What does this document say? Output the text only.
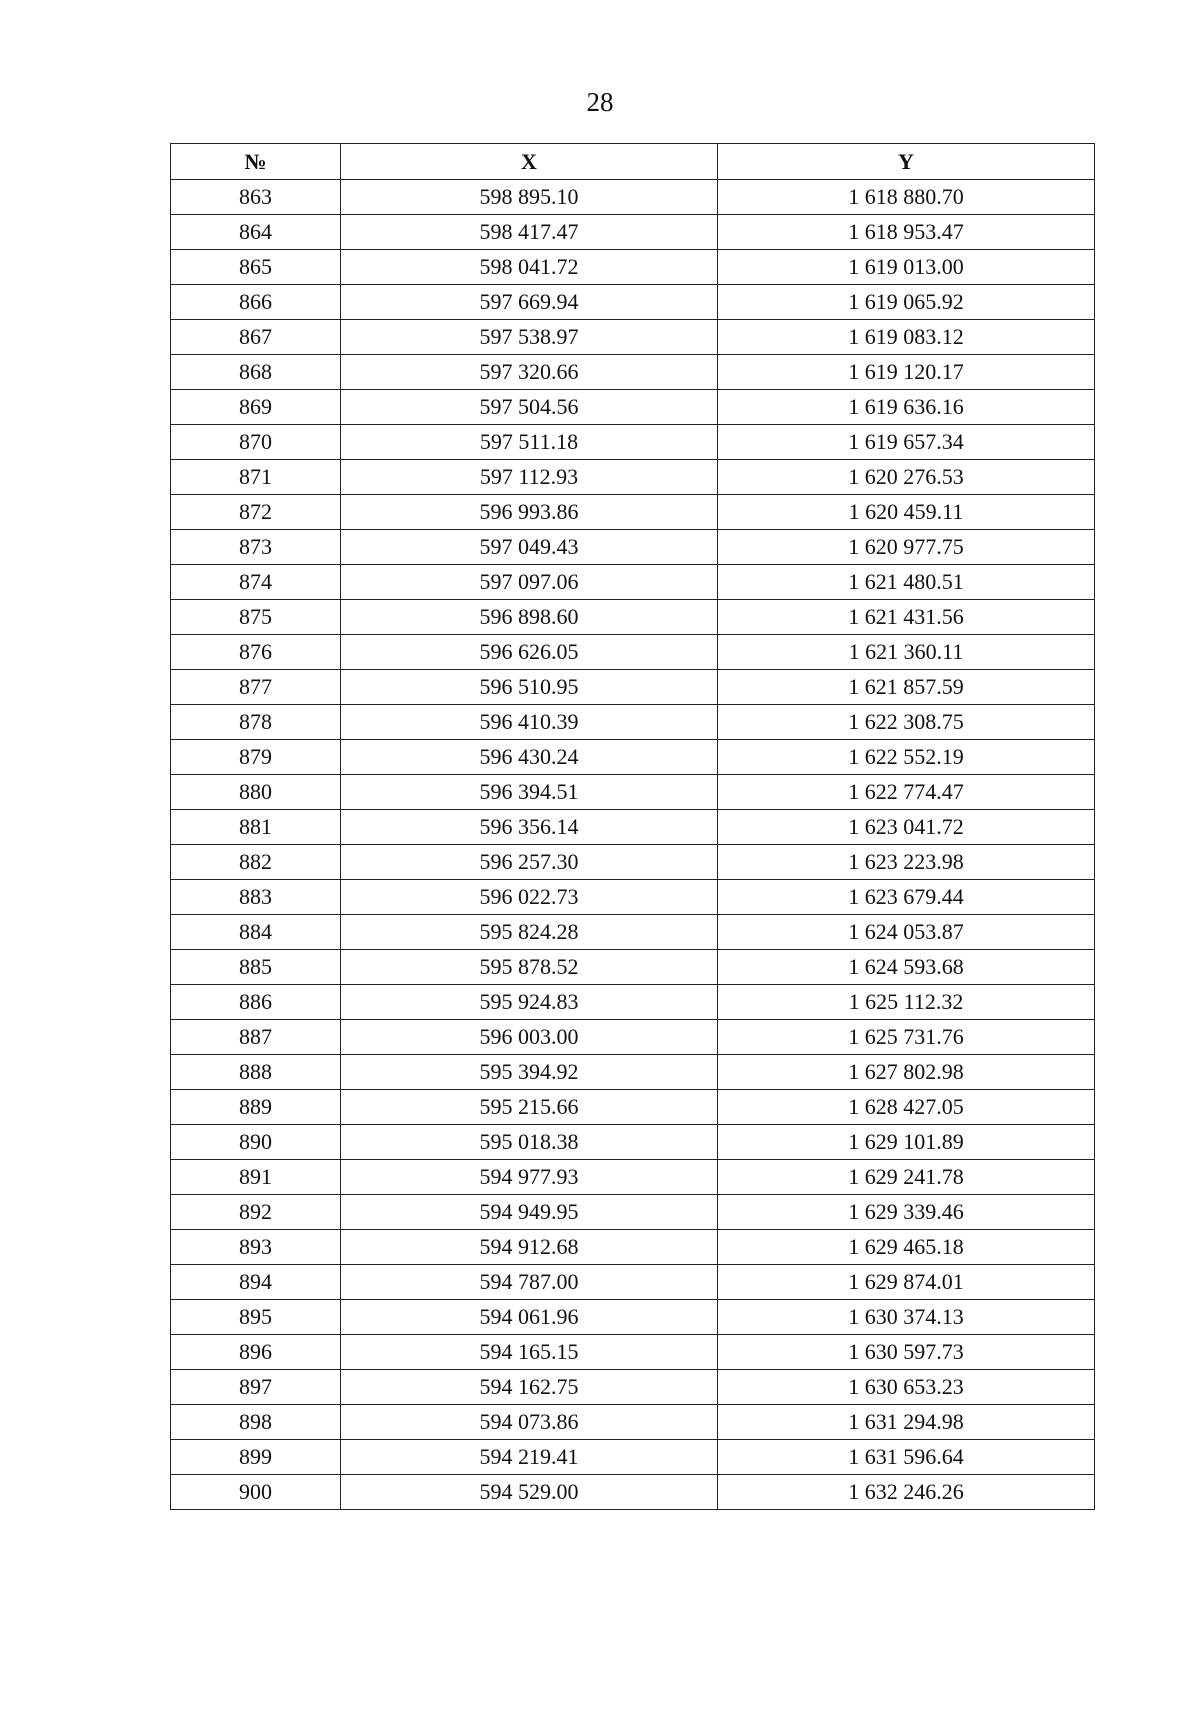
28
№	X	Y
863	598 895.10	1 618 880.70
864	598 417.47	1 618 953.47
865	598 041.72	1 619 013.00
866	597 669.94	1 619 065.92
867	597 538.97	1 619 083.12
868	597 320.66	1 619 120.17
869	597 504.56	1 619 636.16
870	597 511.18	1 619 657.34
871	597 112.93	1 620 276.53
872	596 993.86	1 620 459.11
873	597 049.43	1 620 977.75
874	597 097.06	1 621 480.51
875	596 898.60	1 621 431.56
876	596 626.05	1 621 360.11
877	596 510.95	1 621 857.59
878	596 410.39	1 622 308.75
879	596 430.24	1 622 552.19
880	596 394.51	1 622 774.47
881	596 356.14	1 623 041.72
882	596 257.30	1 623 223.98
883	596 022.73	1 623 679.44
884	595 824.28	1 624 053.87
885	595 878.52	1 624 593.68
886	595 924.83	1 625 112.32
887	596 003.00	1 625 731.76
888	595 394.92	1 627 802.98
889	595 215.66	1 628 427.05
890	595 018.38	1 629 101.89
891	594 977.93	1 629 241.78
892	594 949.95	1 629 339.46
893	594 912.68	1 629 465.18
894	594 787.00	1 629 874.01
895	594 061.96	1 630 374.13
896	594 165.15	1 630 597.73
897	594 162.75	1 630 653.23
898	594 073.86	1 631 294.98
899	594 219.41	1 631 596.64
900	594 529.00	1 632 246.26
